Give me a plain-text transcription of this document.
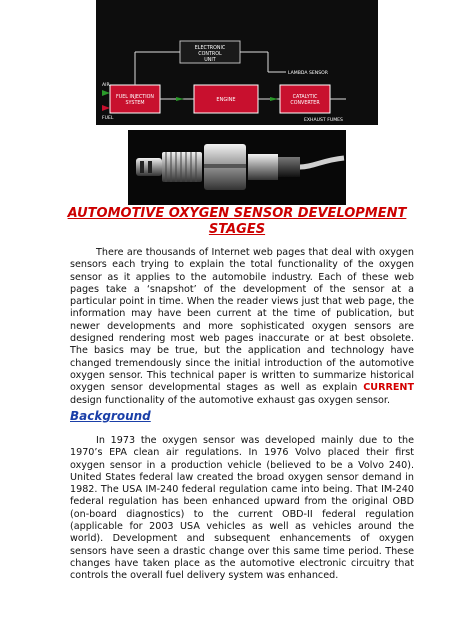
ELECTRONIC
CONTROL
UNIT
FUEL INJECTION
SYSTEM
ENGINE	CATALYTIC
CONVERTER
AIR
FUEL
LAMBDA SENSOR
EXHAUST FUMES
AUTOMOTIVE OXYGEN SENSOR DEVELOPMENT
STAGES

There are thousands of Internet web pages that deal with oxygen sensors each trying to explain the total functionality of the oxygen sensor as it applies to the automobile industry. Each of these web pages take a ‘snapshot’ of the development of the sensor at a particular point in time. When the reader views just that web page, the information may have been current at the time of publication, but newer developments and more sophisticated oxygen sensors are designed rendering most web pages inaccurate or at best obsolete. The basics may be true, but the application and technology have changed tremendously since the initial introduction of the automotive oxygen sensor. This technical paper is written to summarize historical oxygen sensor developmental stages as well as explain CURRENT design functionality of the automotive exhaust gas oxygen sensor.

Background

In 1973 the oxygen sensor was developed mainly due to the 1970’s EPA clean air regulations. In 1976 Volvo placed their first oxygen sensor in a production vehicle (believed to be a Volvo 240). United States federal law created the broad oxygen sensor demand in 1982. The USA IM-240 federal regulation came into being. That IM-240 federal regulation has been enhanced upward from the original OBD (on-board diagnostics) to the current OBD-II federal regulation (applicable for 2003 USA vehicles as well as vehicles around the world). Development and subsequent enhancements of oxygen sensors have seen a drastic change over this same time period. These changes have taken place as the automotive electronic circuitry that controls the overall fuel delivery system was enhanced.
